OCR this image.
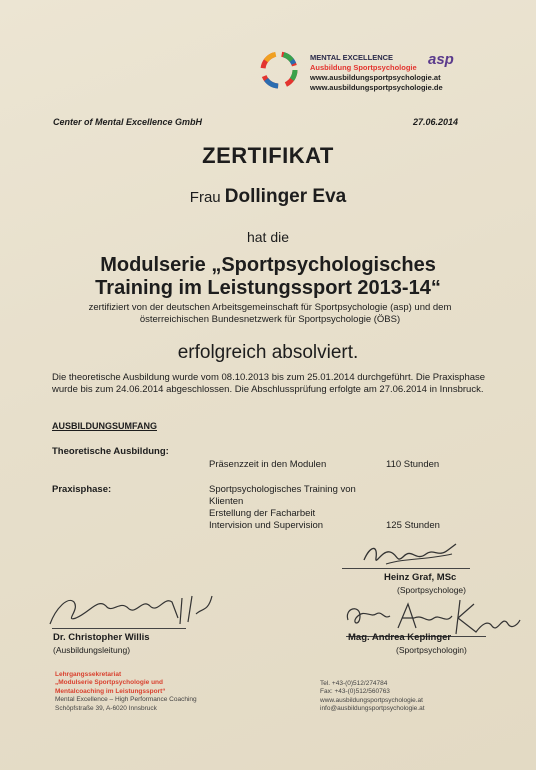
MENTAL EXCELLENCE
Ausbildung Sportpsychologie
www.ausbildungsportpsychologie.at
www.ausbildungsportpsychologie.de
asp
Center of Mental Excellence GmbH	27.06.2014
ZERTIFIKAT
Frau Dollinger Eva
hat die
Modulserie „Sportpsychologisches
Training im Leistungssport 2013-14“
zertifiziert von der deutschen Arbeitsgemeinschaft für Sportpsychologie (asp) und dem österreichischen Bundesnetzwerk für Sportpsychologie (ÖBS)
erfolgreich absolviert.
Die theoretische Ausbildung wurde vom 08.10.2013 bis zum 25.01.2014 durchgeführt. Die Praxisphase wurde bis zum 24.06.2014 abgeschlossen. Die Abschlussprüfung erfolgte am 27.06.2014 in Innsbruck.
AUSBILDUNGSUMFANG
Theoretische Ausbildung:
Präsenzzeit in den Modulen	110 Stunden
Praxisphase:	Sportpsychologisches Training von
Klienten
Erstellung der Facharbeit
Intervision und Supervision	125 Stunden
Heinz Graf, MSc
(Sportpsychologe)
Dr. Christopher Willis
(Ausbildungsleitung)
Mag. Andrea Keplinger
(Sportpsychologin)
Lehrgangssekretariat
„Modulserie Sportpsychologie und
Mentalcoaching im Leistungssport“
Mental Excellence – High Performance Coaching
Schöpfstraße 39, A-6020 Innsbruck
Tel. +43-(0)512/274784
Fax: +43-(0)512/560763
www.ausbildungsportpsychologie.at
info@ausbildungsportpsychologie.at
